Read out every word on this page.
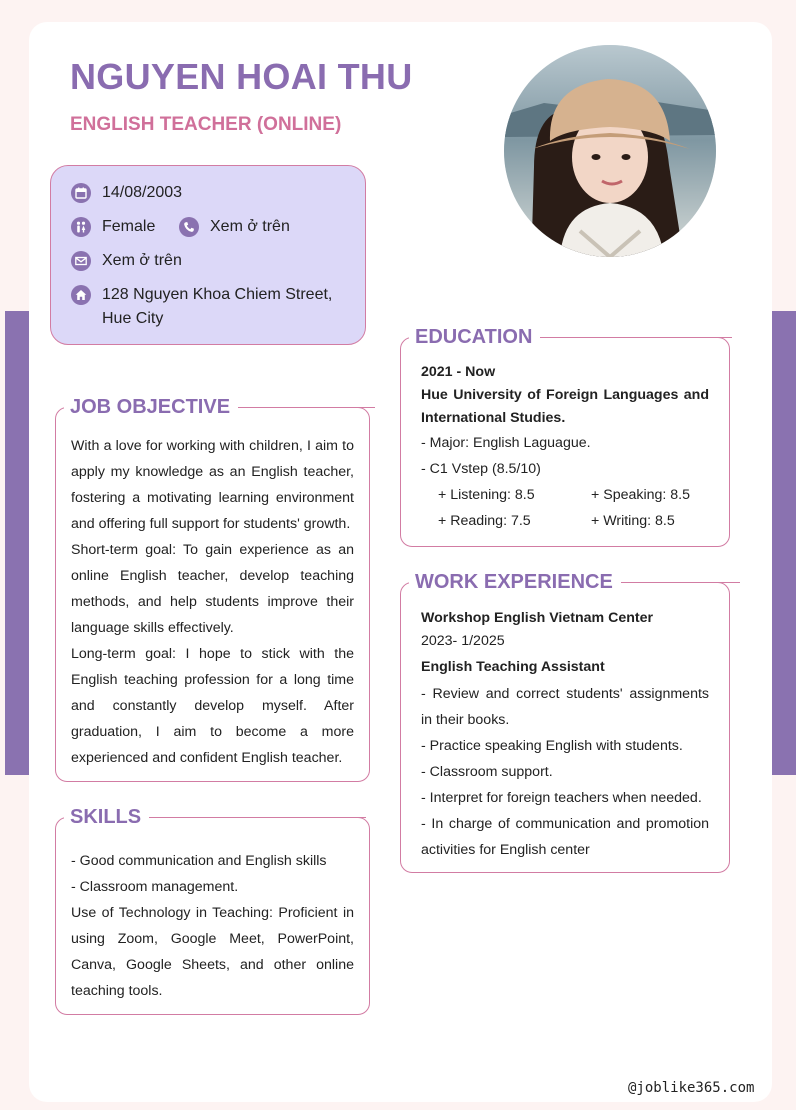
NGUYEN HOAI THU
ENGLISH TEACHER (ONLINE)
14/08/2003
Female	Xem ở trên
Xem ở trên
128 Nguyen Khoa Chiem Street,
Hue City
JOB OBJECTIVE

With a love for working with children, I aim to apply my knowledge as an English teacher, fostering a motivating learning environment and offering full support for students' growth.

Short-term goal: To gain experience as an online English teacher, develop teaching methods, and help students improve their language skills effectively.

Long-term goal: I hope to stick with the English teaching profession for a long time and constantly develop myself. After graduation, I aim to become a more experienced and confident English teacher.

SKILLS

- Good communication and English skills

- Classroom management.

Use of Technology in Teaching: Proficient in using Zoom, Google Meet, PowerPoint, Canva, Google Sheets, and other online teaching tools.

EDUCATION

2021 - Now

Hue University of Foreign Languages and International Studies.

- Major: English Laguague.

- C1 Vstep (8.5/10)

+ Listening: 8.5	+ Speaking: 8.5
+ Reading: 7.5	+ Writing: 8.5
WORK EXPERIENCE

Workshop English Vietnam Center

2023- 1/2025

English Teaching Assistant

- Review and correct students' assignments in their books.

- Practice speaking English with students.

- Classroom support.

- Interpret for foreign teachers when needed.

- In charge of communication and promotion activities for English center

@joblike365.com
